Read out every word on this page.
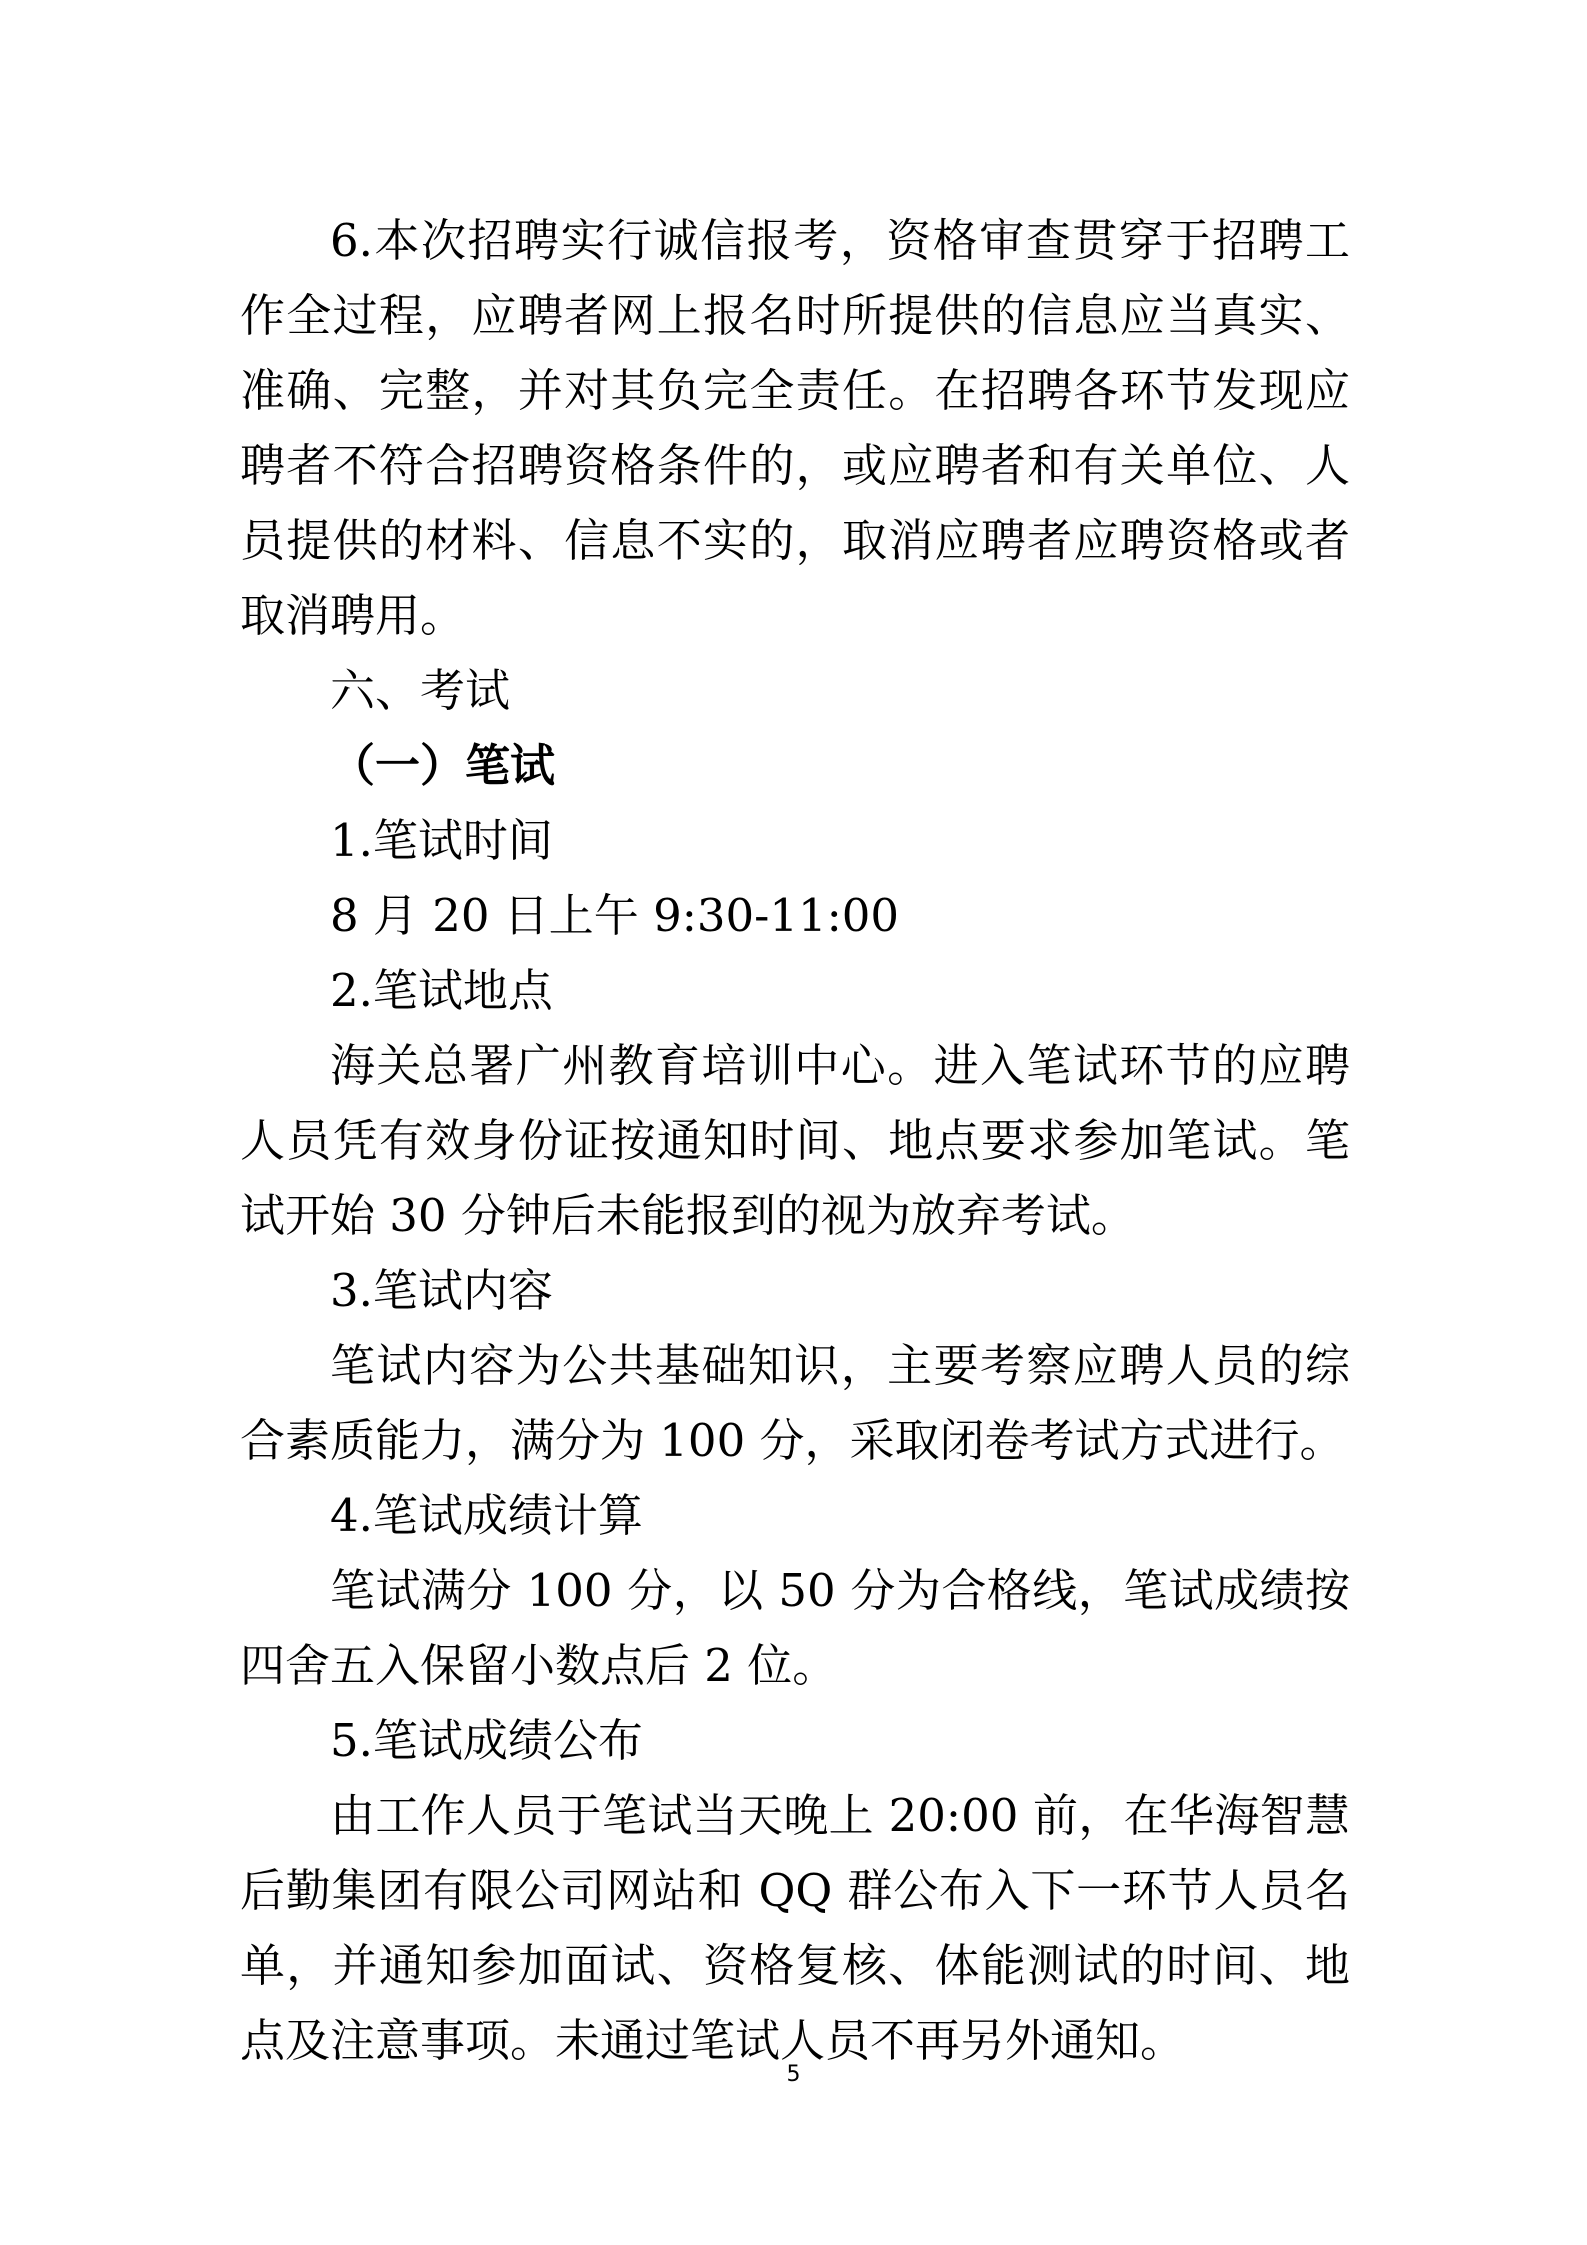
6.本次招聘实行诚信报考，资格审查贯穿于招聘工作全过程，应聘者网上报名时所提供的信息应当真实、准确、完整，并对其负完全责任。在招聘各环节发现应聘者不符合招聘资格条件的，或应聘者和有关单位、人员提供的材料、信息不实的，取消应聘者应聘资格或者取消聘用。

六、考试

（一）笔试

1.笔试时间

8 月 20 日上午 9:30-11:00

2.笔试地点

海关总署广州教育培训中心。进入笔试环节的应聘人员凭有效身份证按通知时间、地点要求参加笔试。笔试开始 30 分钟后未能报到的视为放弃考试。

3.笔试内容

笔试内容为公共基础知识，主要考察应聘人员的综合素质能力，满分为 100 分，采取闭卷考试方式进行。

4.笔试成绩计算

笔试满分 100 分，以 50 分为合格线，笔试成绩按四舍五入保留小数点后 2 位。

5.笔试成绩公布

由工作人员于笔试当天晚上 20:00 前，在华海智慧后勤集团有限公司网站和 QQ 群公布入下一环节人员名单，并通知参加面试、资格复核、体能测试的时间、地点及注意事项。未通过笔试人员不再另外通知。

5
